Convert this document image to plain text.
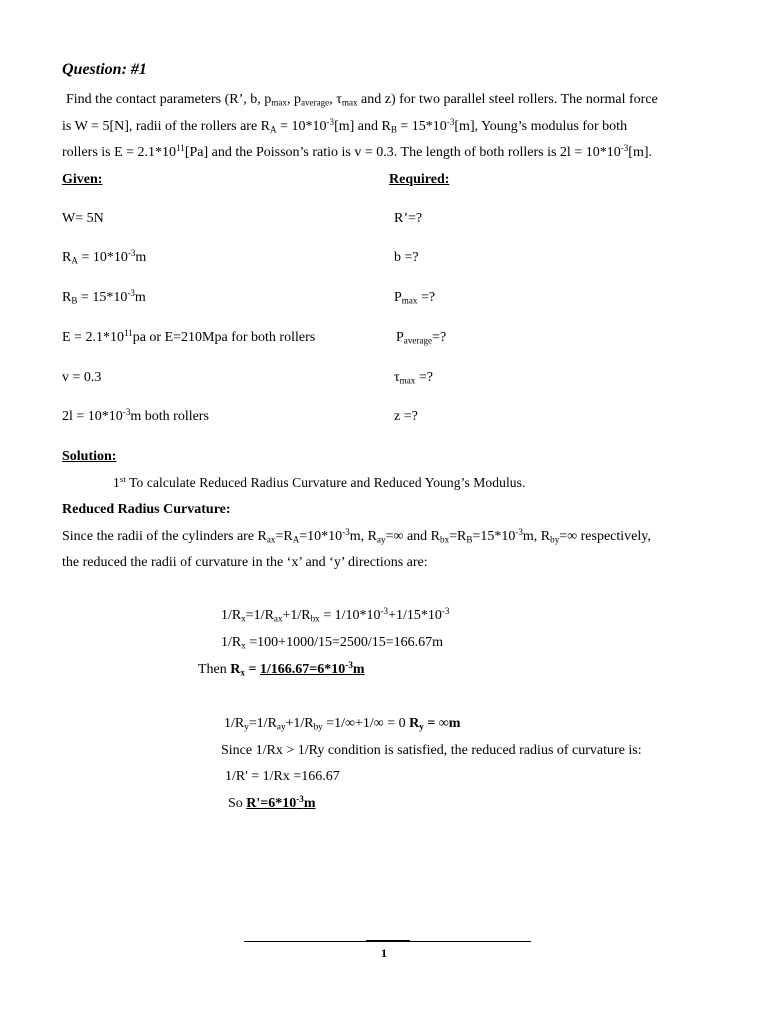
Question: #1
Find the contact parameters (R’, b, $p_{max}$, $p_{average}$, $\tau_{max}$ and z) for two parallel steel rollers. The normal force
is W = 5[N], radii of the rollers are $R_A = 10*10^{-3}[m]$ and $R_B = 15*10^{-3}[m]$, Young’s modulus for both
rollers is $E = 2.1*10^{11}[Pa]$ and the Poisson’s ratio is v = 0.3. The length of both rollers is $2l = 10*10^{-3}[m]$.
Given:	Required:
W= 5N
$R_A = 10*10^{-3}m$
$R_B = 15*10^{-3}m$
$E = 2.1*10^{11}pa$ or E=210Mpa for both rollers
v = 0.3
$2l = 10*10^{-3}m$ both rollers
R’=?
b =?
$P_{max}$ =?
$P_{average}=$?
$\tau_{max}$ =?
z =?
Solution:
1st To calculate Reduced Radius Curvature and Reduced Young’s Modulus.
Reduced Radius Curvature:
Since the radii of the cylinders are $R_{ax}=R_A=10*10^{-3}m$, $R_{ay}=\infty$ and $R_{bx}=R_B=15*10^{-3}m$, $R_{by}=\infty$ respectively,
the reduced the radii of curvature in the ‘x’ and ‘y’ directions are:
$1/R_x=1/R_{ax}+1/R_{bx} = 1/10*10^{-3}+1/15*10^{-3}$
$1/R_x =100+1000/15=2500/15=166.67m$
Then $R_x = 1/166.67=6*10^{-3}m$
$1/R_y=1/R_{ay}+1/R_{by} =1/\infty+1/\infty = 0$ $R_y = \infty m$
Since 1/Rx > 1/Ry condition is satisfied, the reduced radius of curvature is:
1/R' = 1/Rx =166.67
So $R'=6*10^{-3}m$
1
